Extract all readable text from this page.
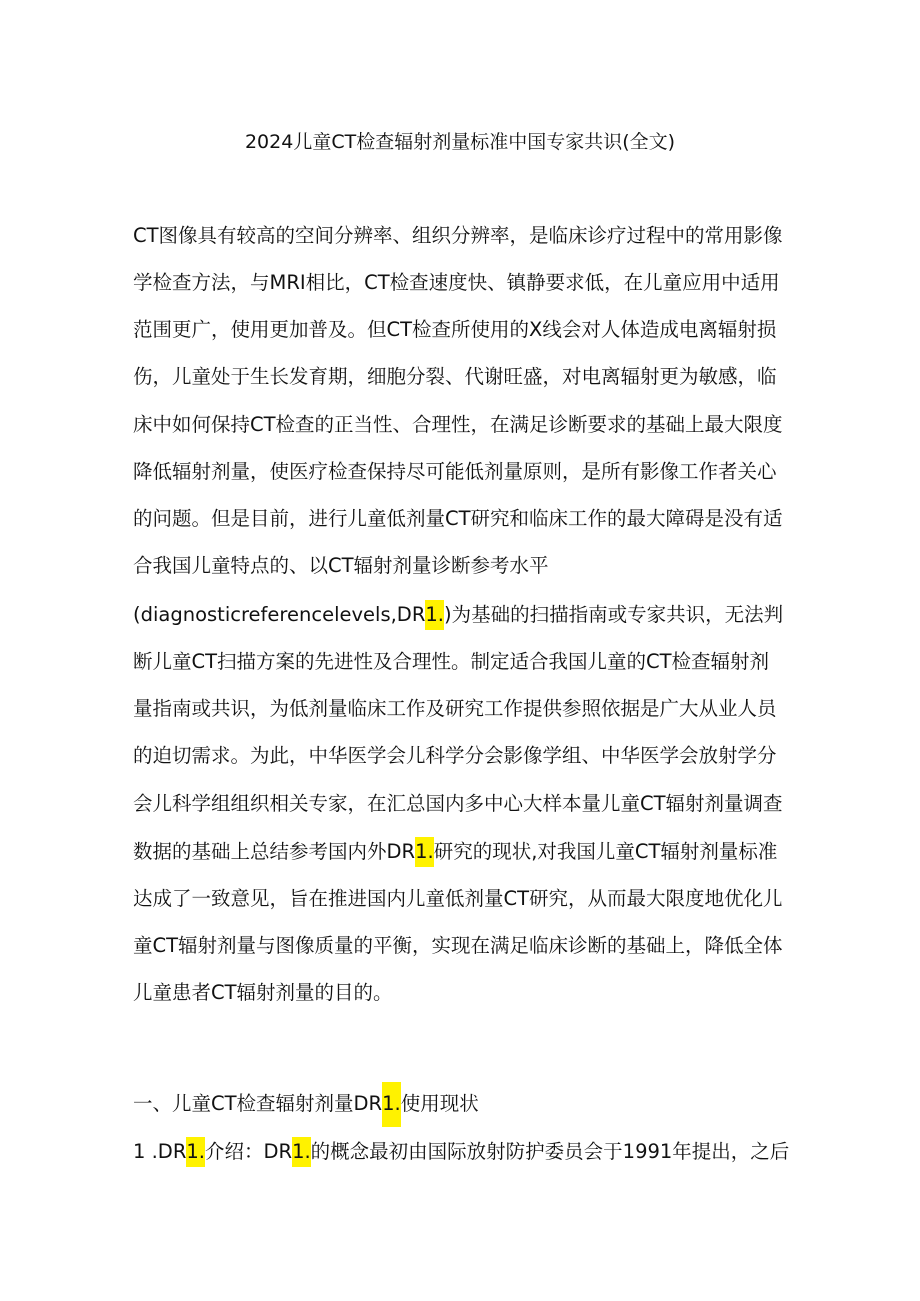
2024儿童CT检查辐射剂量标准中国专家共识(全文)
CT图像具有较高的空间分辨率、组织分辨率，是临床诊疗过程中的常用影像
学检查方法，与MRI相比，CT检查速度快、镇静要求低，在儿童应用中适用
范围更广，使用更加普及。但CT检查所使用的X线会对人体造成电离辐射损
伤，儿童处于生长发育期，细胞分裂、代谢旺盛，对电离辐射更为敏感，临
床中如何保持CT检查的正当性、合理性，在满足诊断要求的基础上最大限度
降低辐射剂量，使医疗检查保持尽可能低剂量原则，是所有影像工作者关心
的问题。但是目前，进行儿童低剂量CT研究和临床工作的最大障碍是没有适
合我国儿童特点的、以CT辐射剂量诊断参考水平
(diagnosticreferencelevels,DR1.)为基础的扫描指南或专家共识，无法判
断儿童CT扫描方案的先进性及合理性。制定适合我国儿童的CT检查辐射剂
量指南或共识，为低剂量临床工作及研究工作提供参照依据是广大从业人员
的迫切需求。为此，中华医学会儿科学分会影像学组、中华医学会放射学分
会儿科学组组织相关专家，在汇总国内多中心大样本量儿童CT辐射剂量调查
数据的基础上总结参考国内外DR1.研究的现状,对我国儿童CT辐射剂量标准
达成了一致意见，旨在推进国内儿童低剂量CT研究，从而最大限度地优化儿
童CT辐射剂量与图像质量的平衡，实现在满足临床诊断的基础上，降低全体
儿童患者CT辐射剂量的目的。
一、儿童CT检查辐射剂量DR1.使用现状
1 .DR1.介绍：DR1.的概念最初由国际放射防护委员会于1991年提出，之后
